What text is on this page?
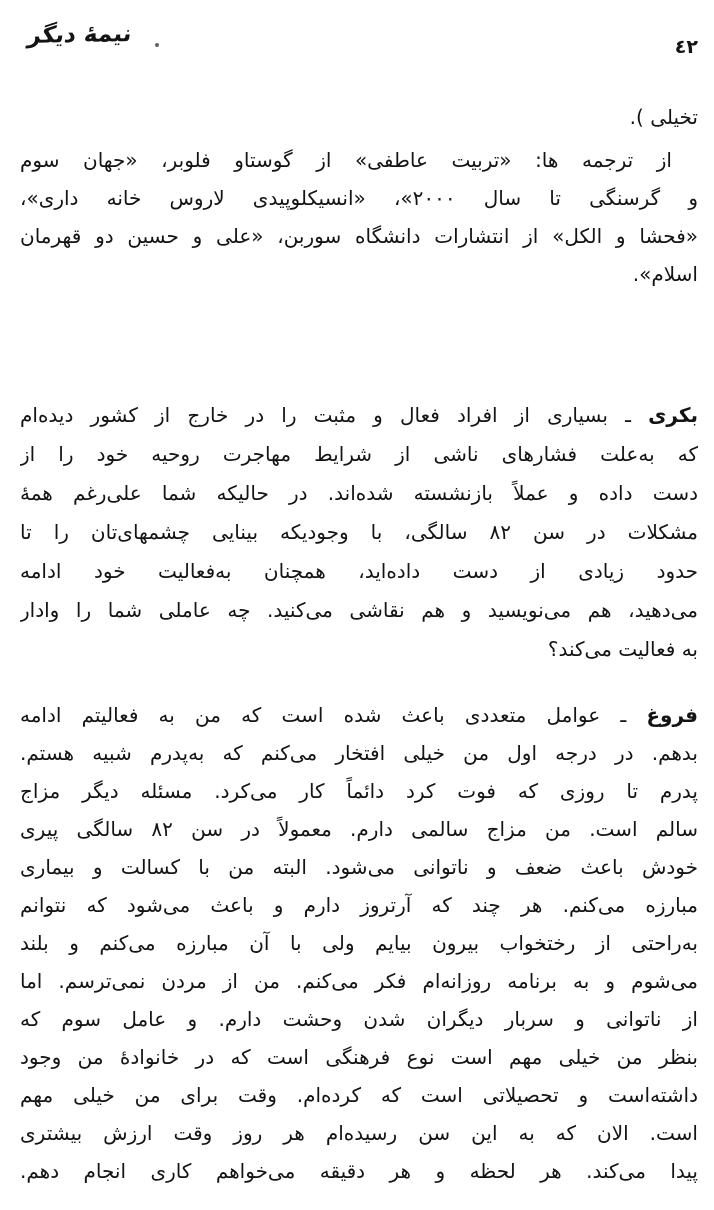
نیمهٔ دیگر	٤٢
تخیلی ).
از ترجمه ها: «تربیت عاطفی» از گوستاو فلوبر، «جهان سوم
و گرسنگی تا سال ۲۰۰۰»، «انسیکلوپیدی لاروس خانه داری»،
«فحشا و الکل» از انتشارات دانشگاه سوربن، «علی و حسین دو قهرمان
اسلام».
بکری ـ بسیاری از افراد فعال و مثبت را در خارج از کشور دیده‌ام
که به‌علت فشارهای ناشی از شرایط مهاجرت روحیه خود را از
دست داده و عملاً بازنشسته شده‌اند. در حالیکه شما علی‌رغم همهٔ
مشکلات در سن ۸۲ سالگی، با وجودیکه بینایی چشمهای‌تان را تا
حدود زیادی از دست داده‌اید، همچنان به‌فعالیت خود ادامه
می‌دهید، هم می‌نویسید و هم نقاشی می‌کنید. چه عاملی شما را وادار
به فعالیت می‌کند؟
فروغ ـ عوامل متعددی‌ باعث شده است که من به فعالیتم ادامه
بدهم. در درجه اول من خیلی افتخار می‌کنم که به‌پدرم شبیه هستم.
پدرم تا روزی که فوت کرد دائماً کار می‌کرد. مسئله دیگر مزاج
سالم است. من مزاج سالمی دارم. معمولاً در سن ۸۲ سالگی پیری
خودش باعث ضعف و ناتوانی می‌شود. البته من با کسالت و بیماری
مبارزه می‌کنم. هر چند که آرتروز دارم و باعث می‌شود که نتوانم
به‌راحتی از رختخواب بیرون بیایم ولی با آن مبارزه می‌کنم و بلند
می‌شوم و به برنامه روزانه‌ام فکر می‌کنم. من از مردن نمی‌ترسم. اما
از ناتوانی و سربار دیگران شدن وحشت دارم. و عامل سوم که
بنظر من خیلی مهم است نوع فرهنگی است که در خانوادهٔ من وجود
داشته‌است و تحصیلاتی است که کرده‌ام. وقت برای من خیلی مهم
است. الان که به این سن رسیده‌ام هر روز وقت ارزش بیشتری
پیدا می‌کند. هر لحظه و هر دقیقه می‌خواهم کاری انجام دهم.
